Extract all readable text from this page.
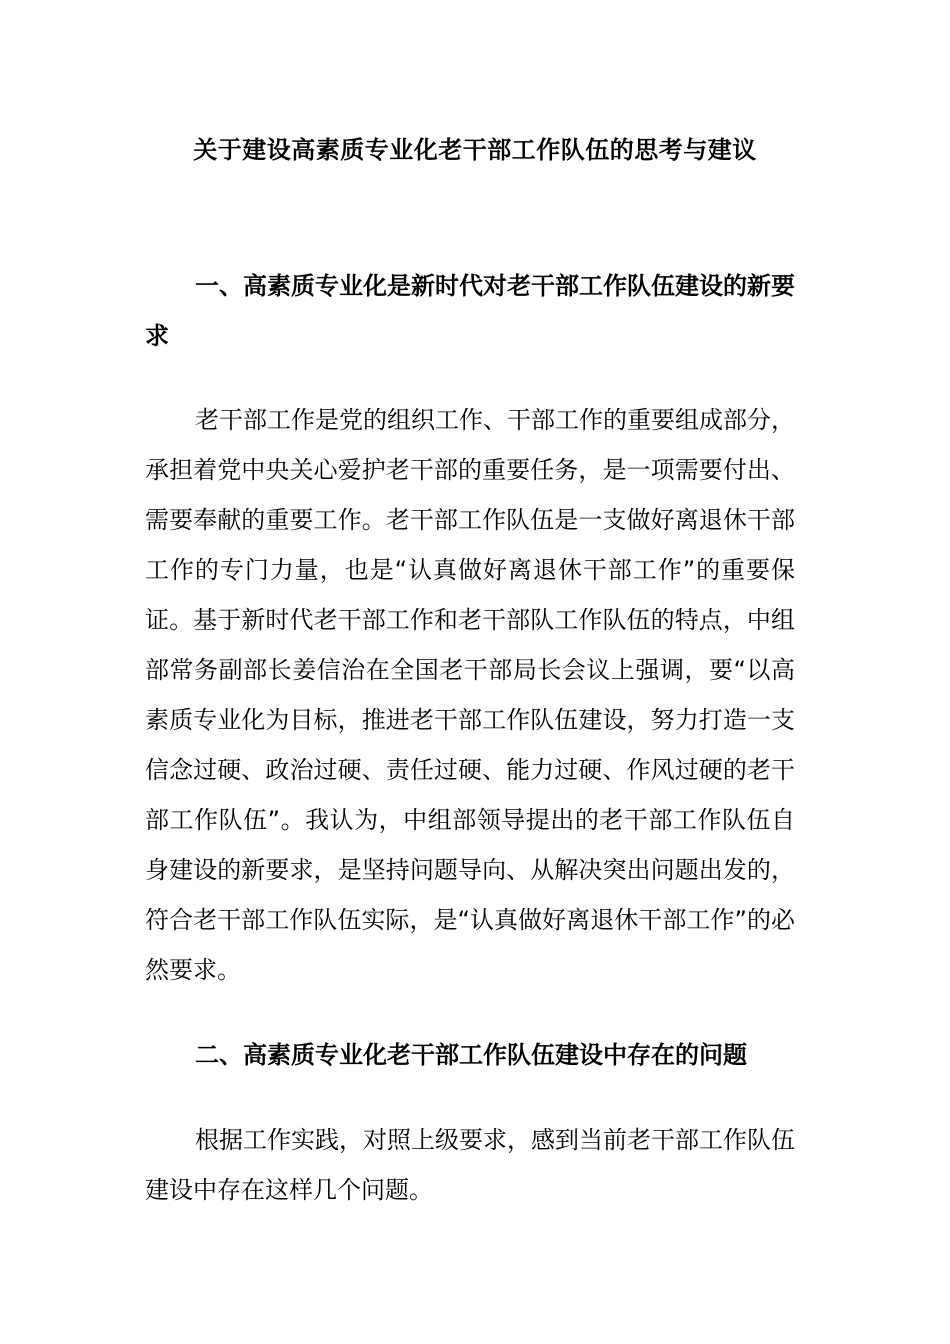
关于建设高素质专业化老干部工作队伍的思考与建议
一、高素质专业化是新时代对老干部工作队伍建设的新要求
老干部工作是党的组织工作、干部工作的重要组成部分，承担着党中央关心爱护老干部的重要任务，是一项需要付出、需要奉献的重要工作。老干部工作队伍是一支做好离退休干部工作的专门力量，也是“认真做好离退休干部工作”的重要保证。基于新时代老干部工作和老干部队工作队伍的特点，中组部常务副部长姜信治在全国老干部局长会议上强调，要“以高素质专业化为目标，推进老干部工作队伍建设，努力打造一支信念过硬、政治过硬、责任过硬、能力过硬、作风过硬的老干部工作队伍”。我认为，中组部领导提出的老干部工作队伍自身建设的新要求，是坚持问题导向、从解决突出问题出发的，符合老干部工作队伍实际，是“认真做好离退休干部工作”的必然要求。
二、高素质专业化老干部工作队伍建设中存在的问题
根据工作实践，对照上级要求，感到当前老干部工作队伍建设中存在这样几个问题。
